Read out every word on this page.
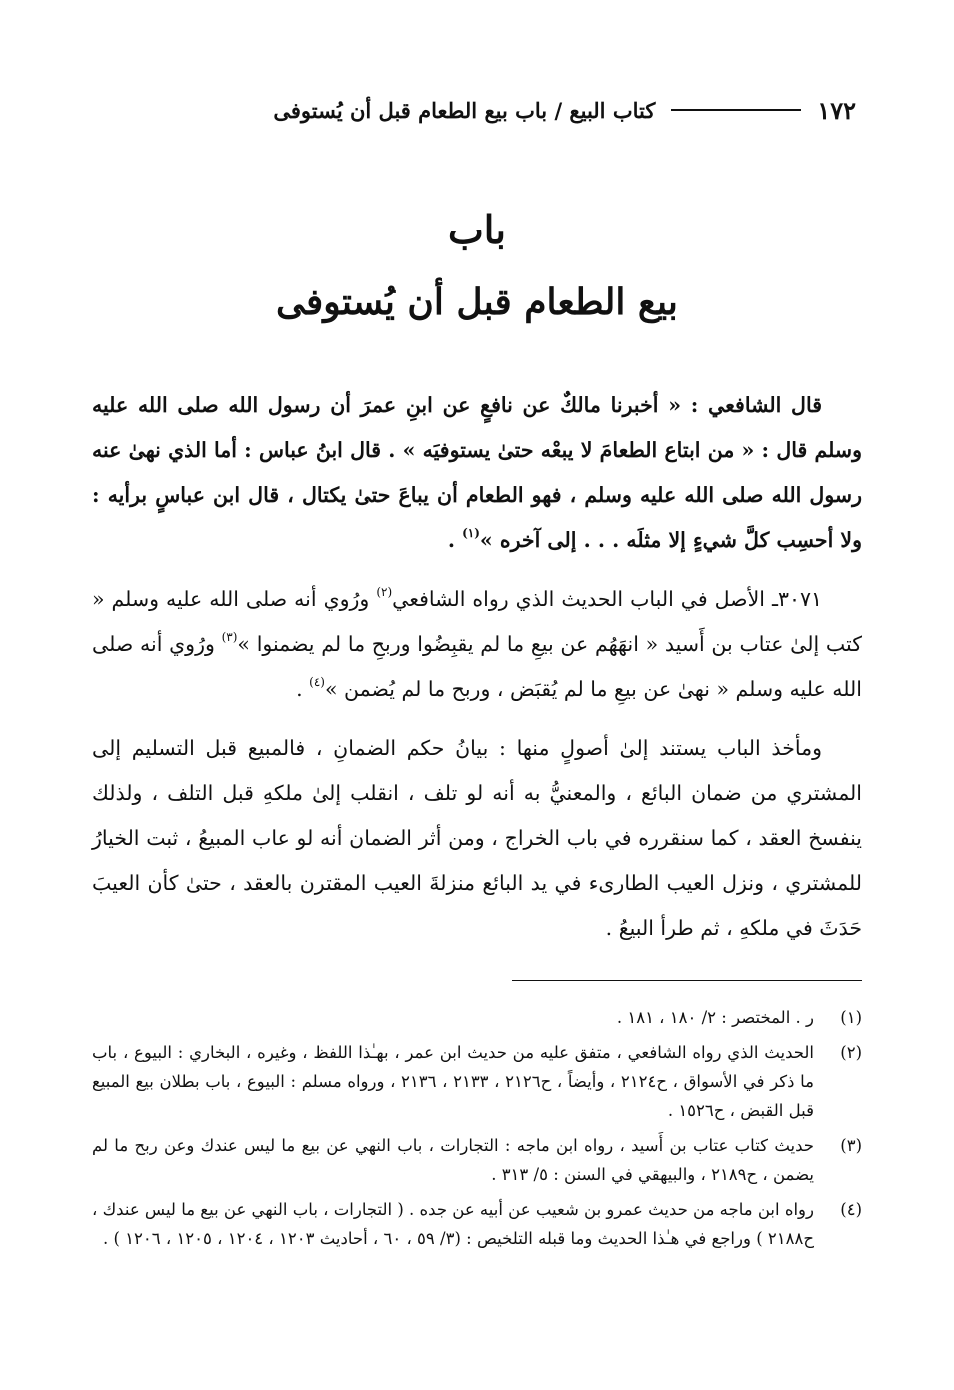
١٧٢
كتاب البيع / باب بيع الطعام قبل أن يُستوفى
باب
بيع الطعام قبل أن يُستوفى

قال الشافعي : « أخبرنا مالكٌ عن نافعٍ عن ابنِ عمرَ أن رسول الله صلى الله عليه وسلم قال : « من ابتاع الطعامَ لا يبعْه حتىٰ يستوفيَه » . قال ابنُ عباس : أما الذي نهىٰ عنه رسول الله صلى الله عليه وسلم ، فهو الطعام أن يباعَ حتىٰ يكتال ، قال ابن عباسٍ برأيه : ولا أحسِب كلَّ شيءٍ إلا مثلَه . . . إلى آخره »$^{(١)}$ .

٣٠٧١ـ الأصل في الباب الحديث الذي رواه الشافعي$^{(٢)}$ ورُوي أنه صلى الله عليه وسلم « كتب إلىٰ عتاب بن أَسيد « انهَهُم عن بيعِ ما لم يقبِضُوا وربحِ ما لم يضمنوا »$^{(٣)}$ ورُوي أنه صلى الله عليه وسلم « نهىٰ عن بيعِ ما لم يُقبَض ، وربح ما لم يُضمن »$^{(٤)}$ .

ومأخذ الباب يستند إلىٰ أصولٍ منها : بيانُ حكم الضمانِ ، فالمبيع قبل التسليم إلى المشتري من ضمان البائع ، والمعنيُّ به أنه لو تلف ، انقلب إلىٰ ملكهِ قبل التلف ، ولذلك ينفسخ العقد ، كما سنقرره في باب الخراج ، ومن أثر الضمان أنه لو عاب المبيعُ ، ثبت الخيارُ للمشتري ، ونزل العيب الطارىء في يد البائع منزلةَ العيب المقترن بالعقد ، حتىٰ كأن العيبَ حَدَثَ في ملكهِ ، ثم طرأ البيعُ .

(١)
ر . المختصر : ٢/ ١٨٠ ، ١٨١ .
(٢)
الحديث الذي رواه الشافعي ، متفق عليه من حديث ابن عمر ، بهـٰذا اللفظ ، وغيره ، البخاري : البيوع ، باب ما ذكر في الأسواق ، ح٢١٢٤ ، وأيضاً ، ح٢١٢٦ ، ٢١٣٣ ، ٢١٣٦ ، ورواه مسلم : البيوع ، باب بطلان بيع المبيع قبل القبض ، ح١٥٢٦ .
(٣)
حديث كتاب عتاب بن أَسيد ، رواه ابن ماجه : التجارات ، باب النهي عن بيع ما ليس عندك وعن ربح ما لم يضمن ، ح٢١٨٩ ، والبيهقي في السنن : ٥/ ٣١٣ .
(٤)
رواه ابن ماجه من حديث عمرو بن شعيب عن أبيه عن جده . ( التجارات ، باب النهي عن بيع ما ليس عندك ، ح٢١٨٨ ) وراجع في هـٰذا الحديث وما قبله التلخيص : (٣/ ٥٩ ، ٦٠ ، أحاديث ١٢٠٣ ، ١٢٠٤ ، ١٢٠٥ ، ١٢٠٦ ) .
